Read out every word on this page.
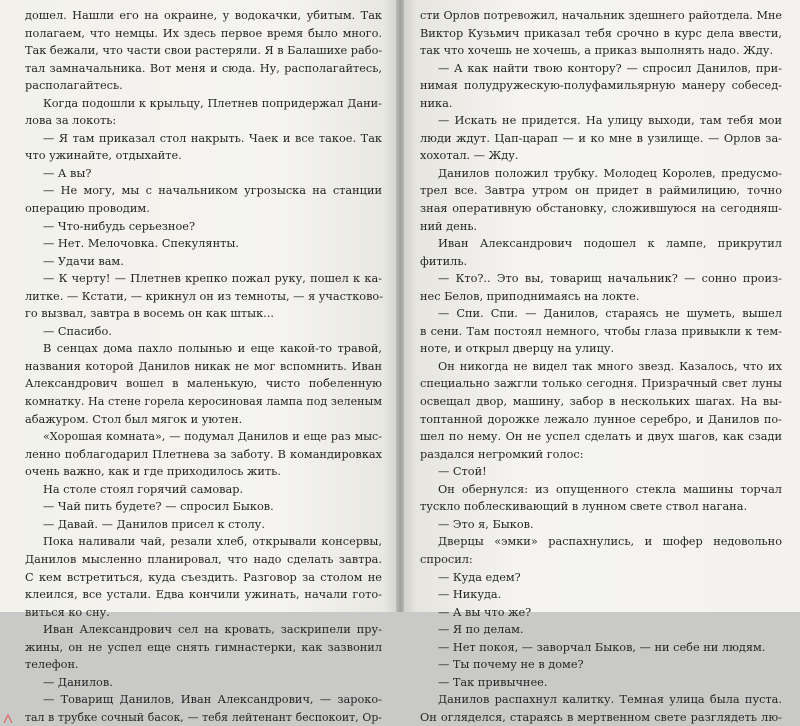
дошел. Нашли его на окраине, у водокачки, убитым. Так
полагаем, что немцы. Их здесь первое время было много.
Так бежали, что части свои растеряли. Я в Балашихе рабо-
тал замначальника. Вот меня и сюда. Ну, располагайтесь,
располагайтесь.
Когда подошли к крыльцу, Плетнев попридержал Дани-
лова за локоть:
— Я там приказал стол накрыть. Чаек и все такое. Так
что ужинайте, отдыхайте.
— А вы?
— Не могу, мы с начальником угрозыска на станции
операцию проводим.
— Что-нибудь серьезное?
— Нет. Мелочовка. Спекулянты.
— Удачи вам.
— К черту! — Плетнев крепко пожал руку, пошел к ка-
литке. — Кстати, — крикнул он из темноты, — я участково-
го вызвал, завтра в восемь он как штык...
— Спасибо.
В сенцах дома пахло полынью и еще какой-то травой,
названия которой Данилов никак не мог вспомнить. Иван
Александрович вошел в маленькую, чисто побеленную
комнатку. На стене горела керосиновая лампа под зеленым
абажуром. Стол был мягок и уютен.
«Хорошая комната», — подумал Данилов и еще раз мыс-
ленно поблагодарил Плетнева за заботу. В командировках
очень важно, как и где приходилось жить.
На столе стоял горячий самовар.
— Чай пить будете? — спросил Быков.
— Давай. — Данилов присел к столу.
Пока наливали чай, резали хлеб, открывали консервы,
Данилов мысленно планировал, что надо сделать завтра.
С кем встретиться, куда съездить. Разговор за столом не
клеился, все устали. Едва кончили ужинать, начали гото-
виться ко сну.
Иван Александрович сел на кровать, заскрипели пру-
жины, он не успел еще снять гимнастерки, как зазвонил
телефон.
— Данилов.
— Товарищ Данилов, Иван Александрович, — зароко-
тал в трубке сочный басок, — тебя лейтенант беспокоит, Ор-
сти Орлов потревожил, начальник здешнего райотдела. Мне
Виктор Кузьмич приказал тебя срочно в курс дела ввести,
так что хочешь не хочешь, а приказ выполнять надо. Жду.
— А как найти твою контору? — спросил Данилов, при-
нимая полудружескую-полуфамильярную манеру собесед-
ника.
— Искать не придется. На улицу выходи, там тебя мои
люди ждут. Цап-царап — и ко мне в узилище. — Орлов за-
хохотал. — Жду.
Данилов положил трубку. Молодец Королев, предусмо-
трел все. Завтра утром он придет в раймилицию, точно
зная оперативную обстановку, сложившуюся на сегодняш-
ний день.
Иван Александрович подошел к лампе, прикрутил
фитиль.
— Кто?.. Это вы, товарищ начальник? — сонно произ-
нес Белов, приподнимаясь на локте.
— Спи. Спи. — Данилов, стараясь не шуметь, вышел
в сени. Там постоял немного, чтобы глаза привыкли к тем-
ноте, и открыл дверцу на улицу.
Он никогда не видел так много звезд. Казалось, что их
специально зажгли только сегодня. Призрачный свет луны
освещал двор, машину, забор в нескольких шагах. На вы-
топтанной дорожке лежало лунное серебро, и Данилов по-
шел по нему. Он не успел сделать и двух шагов, как сзади
раздался негромкий голос:
— Стой!
Он обернулся: из опущенного стекла машины торчал
тускло поблескивающий в лунном свете ствол нагана.
— Это я, Быков.
Дверцы «эмки» распахнулись, и шофер недовольно
спросил:
— Куда едем?
— Никуда.
— А вы что же?
— Я по делам.
— Нет покоя, — заворчал Быков, — ни себе ни людям.
— Ты почему не в доме?
— Так привычнее.
Данилов распахнул калитку. Темная улица была пуста.
Он огляделся, стараясь в мертвенном свете разглядеть лю-
